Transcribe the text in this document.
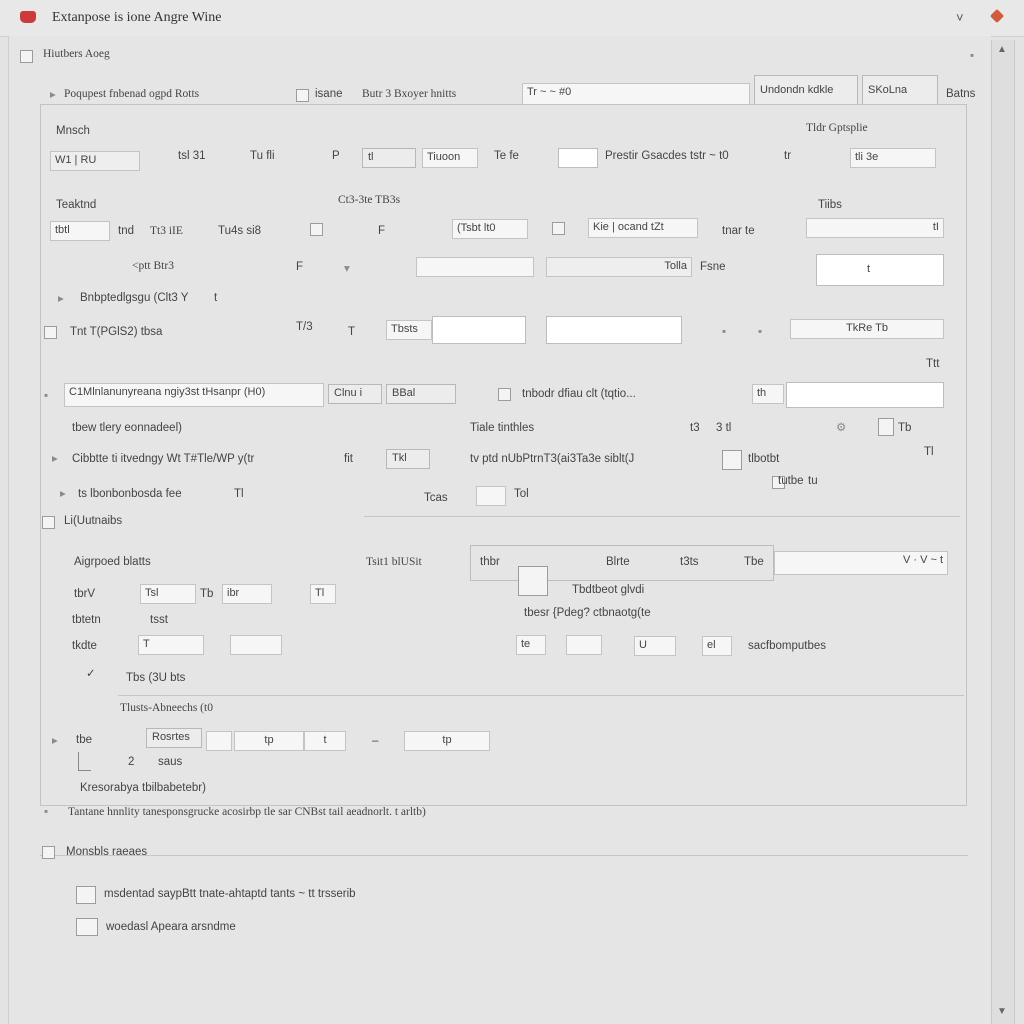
Extanpose is ione Angre Wine	˅
▲
▼
Hiutbers Aoeg	▪
▸ Poqupest fnbenad ogpd Rotts	isane Butr 3 Bxoyer hnitts	Tr ~ ~ #0	Undondn kdkle	SKoLna	Batns
Mnsch	Tldr Gptsplie
W1 | RU	tsl 31	Tu fli	P	tl	Tiuoon	Te fe	Prestir Gsacdes tstr ~ t0	tr	tli 3e
Teaktnd	Ct3-3te TB3s	Tiibs
tbtl	tnd Tt3 iIE	Tu4s si8	F	(Tsbt lt0	Kie | ocand tZt	tnar te	tI
<ptt Btr3	F	▾	Tolla	Fsne	t
▸ Bnbptedlgsgu (Clt3 Y t
Tnt T(PGlS2) tbsa	T/3	T	Tbsts	▪	▪	TkRe Tb
Ttt
▪	C1Mlnlanunyreana ngiy3st tHsanpr (H0)	Clnu i	BBal	tnbodr dfiau clt (tqtio...	th
tbew tlery eonnadeel)	Tiale tinthles	t3 3 tl	⚙	Tb
▸ Cibbtte ti itvedngy Wt T#Tle/WP y(tr	fit	Tkl	tv ptd nUbPtrnT3(ai3Ta3e siblt(J	tlbotbt
Tl
▸ ts lbonbonbosda fee	Tl	Tcas	Tol
tutbe tu
Li(Uutnaibs
Aigrpoed blatts	Tsit1 blUSit	thbr	Blrte	t3ts	Tbe	V · V ~ t
tbrV	Tsl	Tb	ibr	Tl
tbtetn	tsst
tkdte	T
Tbdtbeot glvdi
tbesr {Pdeg? ctbnaotg(te
te	U	el	sacfbomputbes
✓	Tbs (3U bts
Tlusts-Abneechs (t0
▸ tbe	Rosrtes	tp	t	–	tp
2 saus
Kresorabya tbilbabetebr)
▪ Tantane hnnlity tanesponsgrucke acosirbp tle sar CNBst tail aeadnorlt. t arltb)
Monsbls raeaes
msdentad saypBtt tnate-ahtaptd tants ~ tt trsserib
woedasl Apeara arsndme
